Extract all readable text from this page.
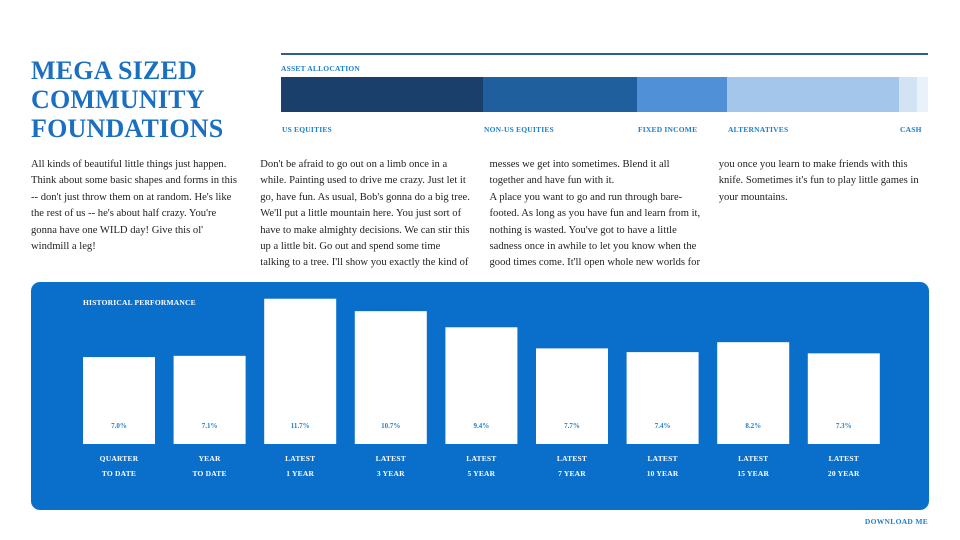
MEGA SIZED COMMUNITY FOUNDATIONS
ASSET ALLOCATION
US EQUITIES	NON-US EQUITIES	FIXED INCOME	ALTERNATIVES	CASH

All kinds of beautiful little things just happen. Think about some basic shapes and forms in this -- don't just throw them on at random. He's like the rest of us -- he's about half crazy. You're gonna have one WILD day! Give this ol' windmill a leg!

Don't be afraid to go out on a limb once in a while. Painting used to drive me crazy. Just let it go, have fun. As usual, Bob's gonna do a big tree. We'll put a little mountain here. You just sort of have to make almighty decisions. We can stir this up a little bit. Go out and spend some time talking to a tree. I'll show you exactly the kind of messes we get into sometimes. Blend it all together and have fun with it.

A place you want to go and run through bare-footed. As long as you have fun and learn from it, nothing is wasted. You've got to have a little sadness once in awhile to let you know when the good times come. It'll open whole new worlds for you once you learn to make friends with this knife. Sometimes it's fun to play little games in your mountains.

HISTORICAL PERFORMANCE
7.0%
QUARTER
TO DATE
7.1%
YEAR
TO DATE
11.7%
LATEST
1 YEAR
10.7%
LATEST
3 YEAR
9.4%
LATEST
5 YEAR
7.7%
LATEST
7 YEAR
7.4%
LATEST
10 YEAR
8.2%
LATEST
15 YEAR
7.3%
LATEST
20 YEAR
DOWNLOAD ME
